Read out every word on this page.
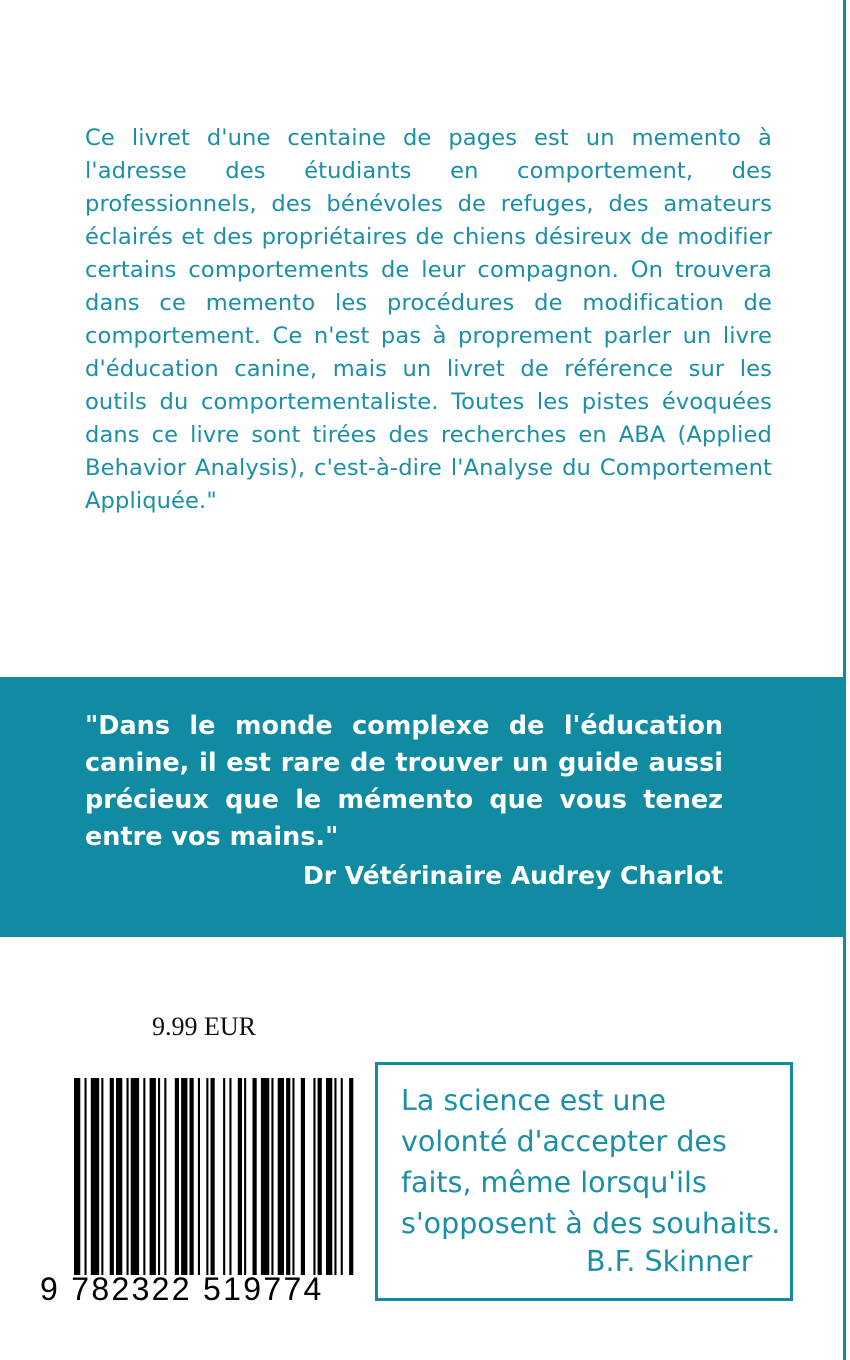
Ce livret d'une centaine de pages est un memento à l'adresse des étudiants en comportement, des professionnels, des bénévoles de refuges, des amateurs éclairés et des propriétaires de chiens désireux de modifier certains comportements de leur compagnon. On trouvera dans ce memento les procédures de modification de comportement. Ce n'est pas à proprement parler un livre d'éducation canine, mais un livret de référence sur les outils du comportementaliste. Toutes les pistes évoquées dans ce livre sont tirées des recherches en ABA (Applied Behavior Analysis), c'est-à-dire l'Analyse du Comportement Appliquée."

"Dans le monde complexe de l'éducation canine, il est rare de trouver un guide aussi précieux que le mémento que vous tenez entre vos mains."

Dr Vétérinaire Audrey Charlot

9.99 EUR

9 782322 519774

La science est une volonté d'accepter des faits, même lorsqu'ils s'opposent à des souhaits.

B.F. Skinner
